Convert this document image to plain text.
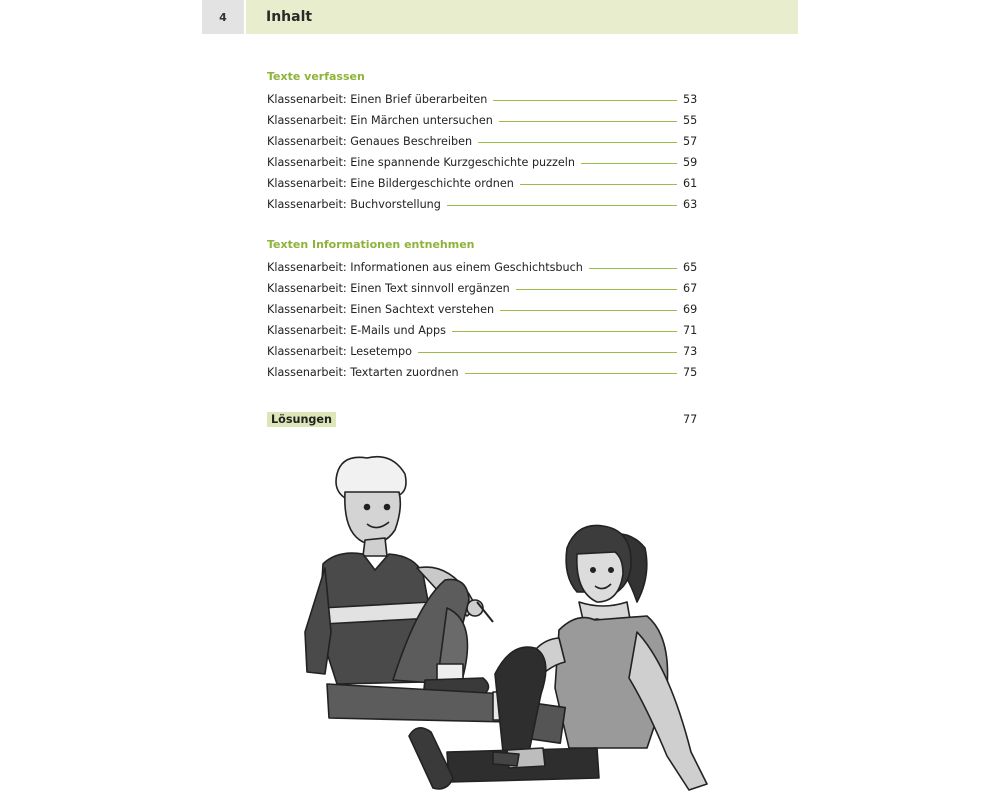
4	Inhalt
Texte verfassen
Klassenarbeit: Einen Brief überarbeiten	53
Klassenarbeit: Ein Märchen untersuchen	55
Klassenarbeit: Genaues Beschreiben	57
Klassenarbeit: Eine spannende Kurzgeschichte puzzeln	59
Klassenarbeit: Eine Bildergeschichte ordnen	61
Klassenarbeit: Buchvorstellung	63
Texten Informationen entnehmen
Klassenarbeit: Informationen aus einem Geschichtsbuch	65
Klassenarbeit: Einen Text sinnvoll ergänzen	67
Klassenarbeit: Einen Sachtext verstehen	69
Klassenarbeit: E-Mails und Apps	71
Klassenarbeit: Lesetempo	73
Klassenarbeit: Textarten zuordnen	75
Lösungen	77
